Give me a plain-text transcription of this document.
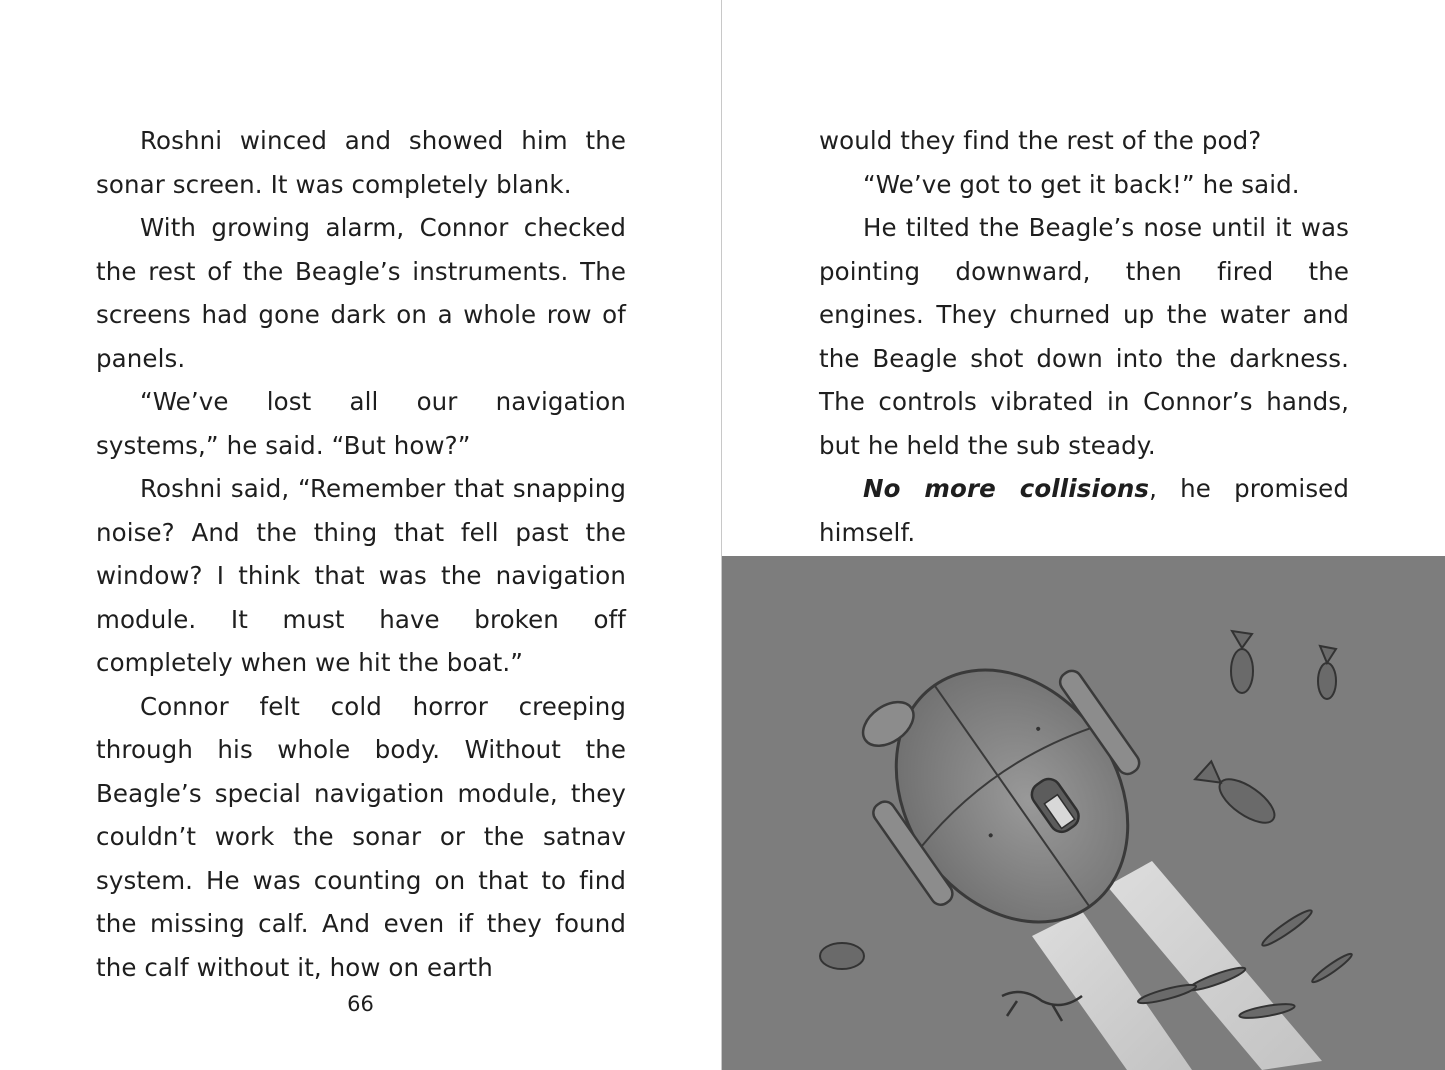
Roshni winced and showed him the sonar screen. It was completely blank.

With growing alarm, Connor checked the rest of the Beagle’s instruments. The screens had gone dark on a whole row of panels.

“We’ve lost all our navigation systems,” he said. “But how?”

Roshni said, “Remember that snapping noise? And the thing that fell past the window? I think that was the navigation module. It must have broken off completely when we hit the boat.”

Connor felt cold horror creeping through his whole body. Without the Beagle’s special navigation module, they couldn’t work the sonar or the satnav system. He was counting on that to find the missing calf. And even if they found the calf without it, how on earth

66

would they find the rest of the pod?

“We’ve got to get it back!” he said.

He tilted the Beagle’s nose until it was pointing downward, then fired the engines. They churned up the water and the Beagle shot down into the darkness. The controls vibrated in Connor’s hands, but he held the sub steady.

No more collisions, he promised himself.
